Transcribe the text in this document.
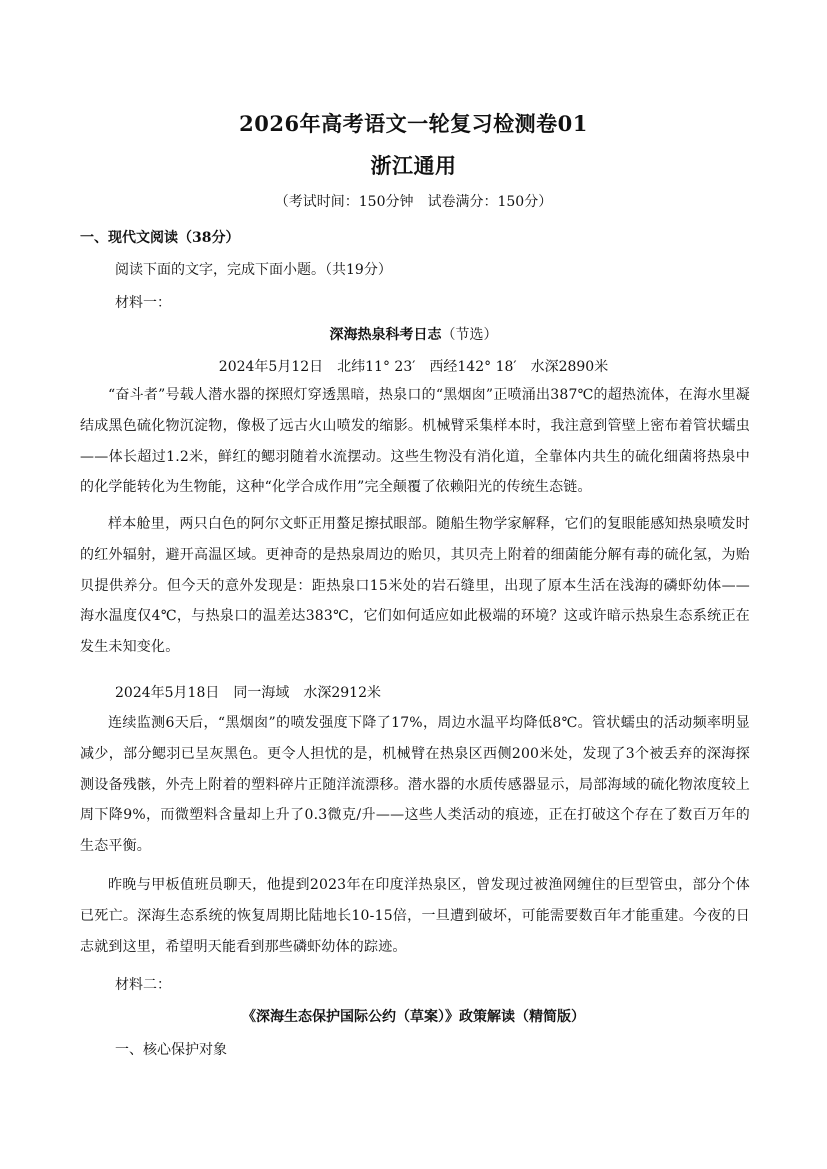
2026年高考语文一轮复习检测卷01
浙江通用
（考试时间：150分钟　试卷满分：150分）
一、现代文阅读（38分）
阅读下面的文字，完成下面小题。（共19分）
材料一：
深海热泉科考日志（节选）
2024年5月12日　北纬11° 23′　西经142° 18′　水深2890米
“奋斗者”号载人潜水器的探照灯穿透黑暗，热泉口的“黑烟囱”正喷涌出387℃的超热流体，在海水里凝结成黑色硫化物沉淀物，像极了远古火山喷发的缩影。机械臂采集样本时，我注意到管壁上密布着管状蠕虫——体长超过1.2米，鲜红的鳃羽随着水流摆动。这些生物没有消化道，全靠体内共生的硫化细菌将热泉中的化学能转化为生物能，这种“化学合成作用”完全颠覆了依赖阳光的传统生态链。
样本舱里，两只白色的阿尔文虾正用螯足擦拭眼部。随船生物学家解释，它们的复眼能感知热泉喷发时的红外辐射，避开高温区域。更神奇的是热泉周边的贻贝，其贝壳上附着的细菌能分解有毒的硫化氢，为贻贝提供养分。但今天的意外发现是：距热泉口15米处的岩石缝里，出现了原本生活在浅海的磷虾幼体——海水温度仅4℃，与热泉口的温差达383℃，它们如何适应如此极端的环境？这或许暗示热泉生态系统正在发生未知变化。
2024年5月18日　同一海域　水深2912米
连续监测6天后，“黑烟囱”的喷发强度下降了17%，周边水温平均降低8℃。管状蠕虫的活动频率明显减少，部分鳃羽已呈灰黑色。更令人担忧的是，机械臂在热泉区西侧200米处，发现了3个被丢弃的深海探测设备残骸，外壳上附着的塑料碎片正随洋流漂移。潜水器的水质传感器显示，局部海域的硫化物浓度较上周下降9%，而微塑料含量却上升了0.3微克/升——这些人类活动的痕迹，正在打破这个存在了数百万年的生态平衡。
昨晚与甲板值班员聊天，他提到2023年在印度洋热泉区，曾发现过被渔网缠住的巨型管虫，部分个体已死亡。深海生态系统的恢复周期比陆地长10-15倍，一旦遭到破坏，可能需要数百年才能重建。今夜的日志就到这里，希望明天能看到那些磷虾幼体的踪迹。
材料二：
《深海生态保护国际公约（草案）》政策解读（精简版）
一、核心保护对象
